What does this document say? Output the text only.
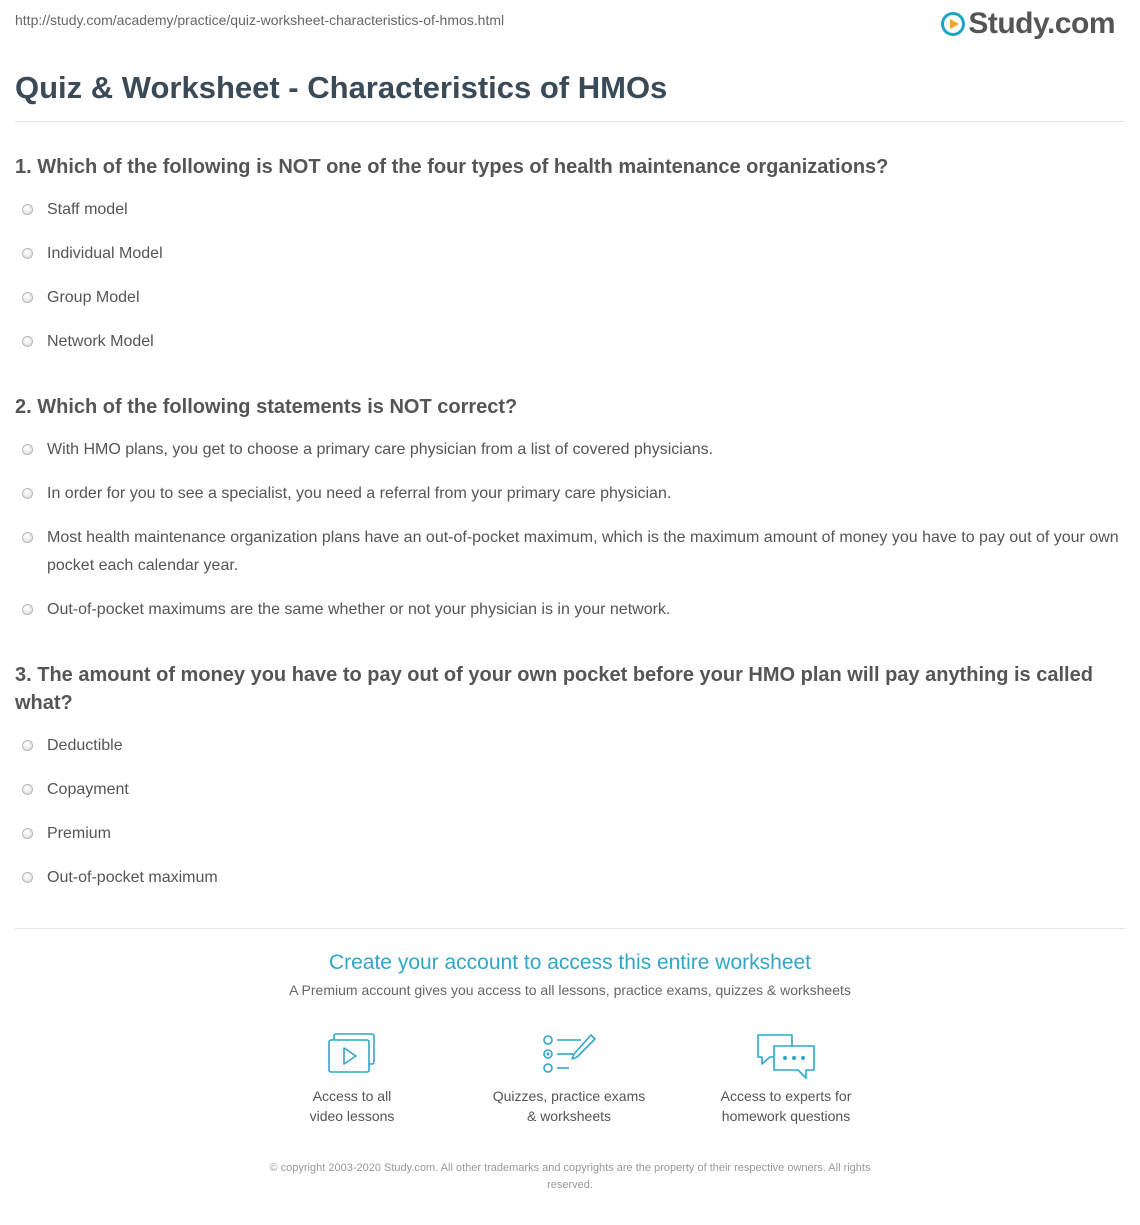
http://study.com/academy/practice/quiz-worksheet-characteristics-of-hmos.html	Study.com
Quiz & Worksheet - Characteristics of HMOs
1. Which of the following is NOT one of the four types of health maintenance organizations?
Staff model
Individual Model
Group Model
Network Model
2. Which of the following statements is NOT correct?
With HMO plans, you get to choose a primary care physician from a list of covered physicians.
In order for you to see a specialist, you need a referral from your primary care physician.
Most health maintenance organization plans have an out-of-pocket maximum, which is the maximum amount of money you have to pay out of your own pocket each calendar year.
Out-of-pocket maximums are the same whether or not your physician is in your network.
3. The amount of money you have to pay out of your own pocket before your HMO plan will pay anything is called what?
Deductible
Copayment
Premium
Out-of-pocket maximum
Create your account to access this entire worksheet
A Premium account gives you access to all lessons, practice exams, quizzes & worksheets
Access to all
video lessons
Quizzes, practice exams
& worksheets
Access to experts for
homework questions
© copyright 2003-2020 Study.com. All other trademarks and copyrights are the property of their respective owners. All rights
reserved.
